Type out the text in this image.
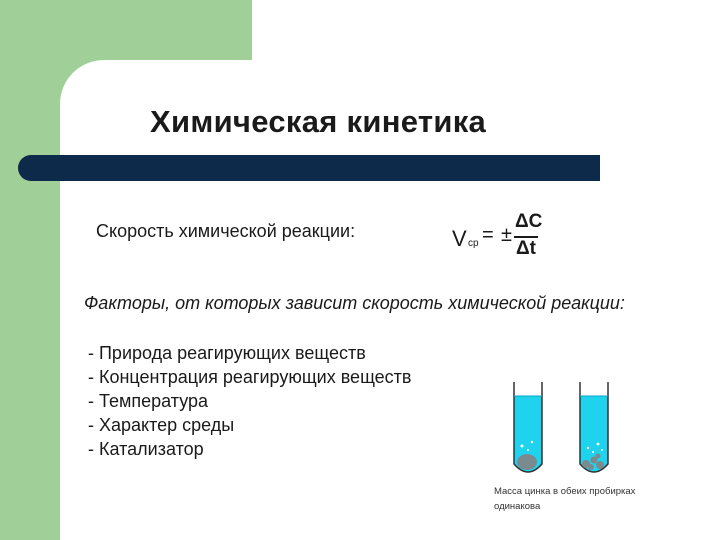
Химическая кинетика
Скорость химической реакции:	V ср = ±
ΔC
Δt
Факторы, от которых зависит скорость химической реакции:
- Природа реагирующих веществ
- Концентрация реагирующих веществ
- Температура
- Характер среды
- Катализатор
Масса цинка в обеих пробирках
одинакова
